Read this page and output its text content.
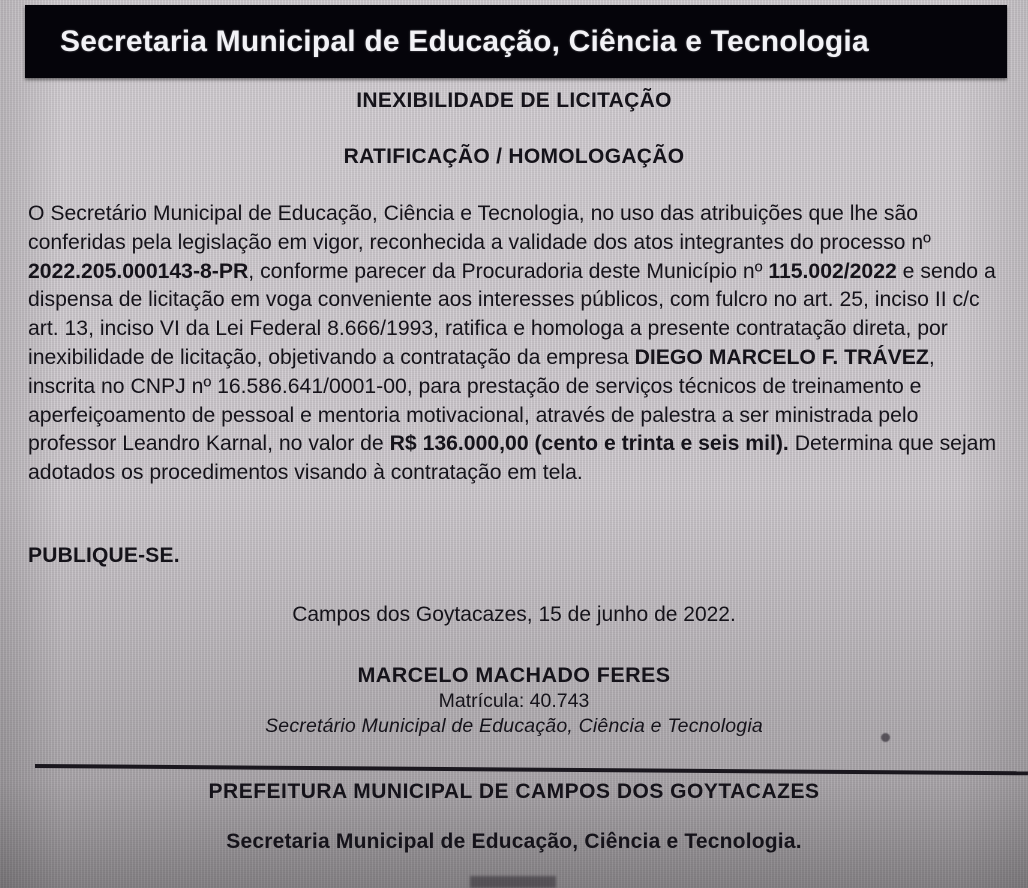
Secretaria Municipal de Educação, Ciência e Tecnologia
INEXIBILIDADE DE LICITAÇÃO
RATIFICAÇÃO / HOMOLOGAÇÃO

O Secretário Municipal de Educação, Ciência e Tecnologia, no uso das atribuições que lhe são conferidas pela legislação em vigor, reconhecida a validade dos atos integrantes do processo nº 2022.205.000143-8-PR, conforme parecer da Procuradoria deste Município nº 115.002/2022 e sendo a dispensa de licitação em voga conveniente aos interesses públicos, com fulcro no art. 25, inciso II c/c art. 13, inciso VI da Lei Federal 8.666/1993, ratifica e homologa a presente contratação direta, por inexibilidade de licitação, objetivando a contratação da empresa DIEGO MARCELO F. TRÁVEZ, inscrita no CNPJ nº 16.586.641/0001-00, para prestação de serviços técnicos de treinamento e aperfeiçoamento de pessoal e mentoria motivacional, através de palestra a ser ministrada pelo professor Leandro Karnal, no valor de R$ 136.000,00 (cento e trinta e seis mil). Determina que sejam adotados os procedimentos visando à contratação em tela.

PUBLIQUE-SE.
Campos dos Goytacazes, 15 de junho de 2022.
MARCELO MACHADO FERES
Matrícula: 40.743
Secretário Municipal de Educação, Ciência e Tecnologia
PREFEITURA MUNICIPAL DE CAMPOS DOS GOYTACAZES
Secretaria Municipal de Educação, Ciência e Tecnologia.
